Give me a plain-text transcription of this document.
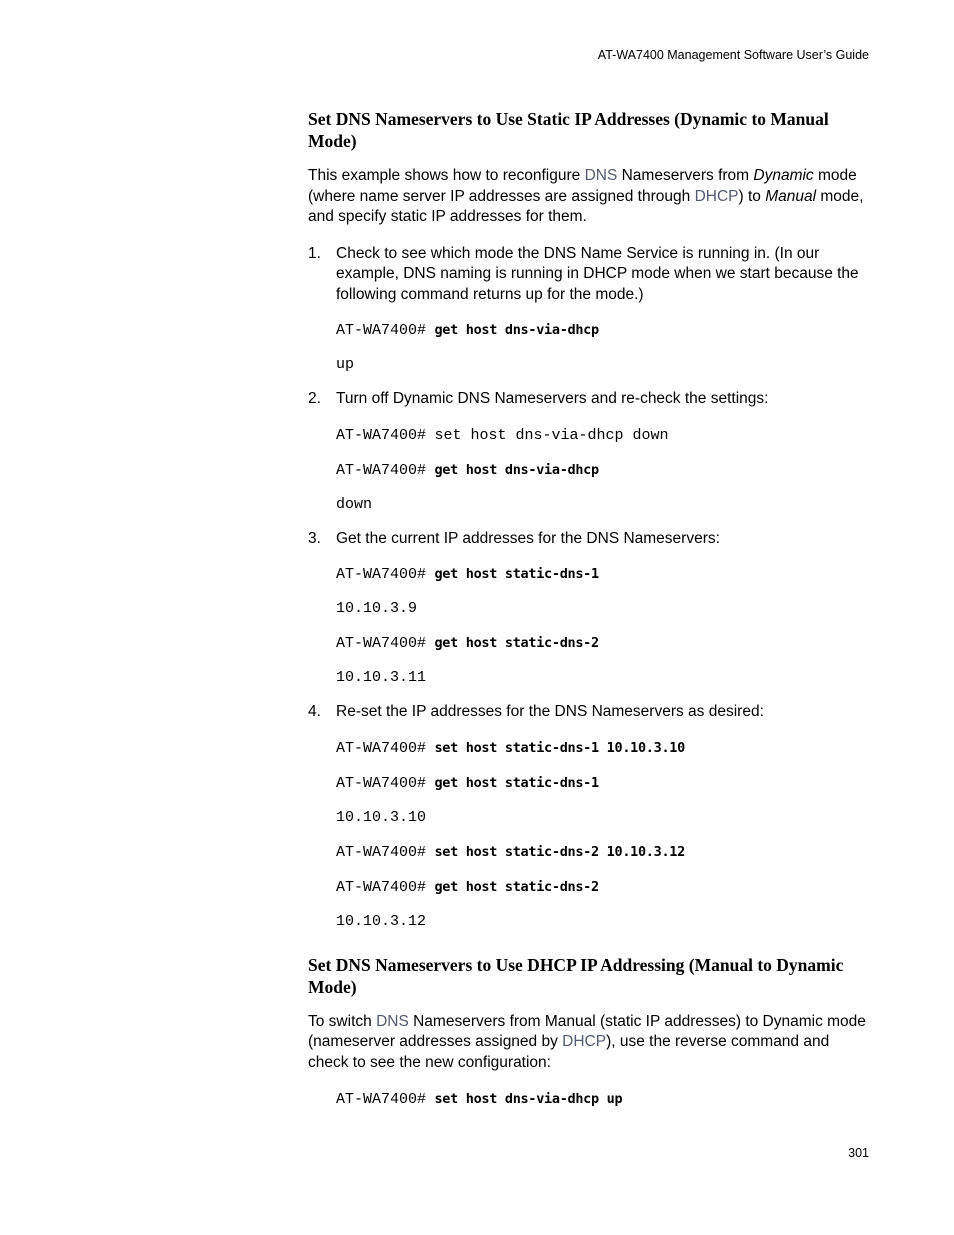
AT-WA7400 Management Software User’s Guide
Set DNS Nameservers to Use Static IP Addresses (Dynamic to Manual Mode)

This example shows how to reconfigure DNS Nameservers from Dynamic mode (where name server IP addresses are assigned through DHCP) to Manual mode, and specify static IP addresses for them.

1. Check to see which mode the DNS Name Service is running in. (In our example, DNS naming is running in DHCP mode when we start because the following command returns up for the mode.)
AT-WA7400# get host dns-via-dhcp
up
2. Turn off Dynamic DNS Nameservers and re-check the settings:
AT-WA7400# set host dns-via-dhcp down
AT-WA7400# get host dns-via-dhcp
down
3. Get the current IP addresses for the DNS Nameservers:
AT-WA7400# get host static-dns-1
10.10.3.9
AT-WA7400# get host static-dns-2
10.10.3.11
4. Re-set the IP addresses for the DNS Nameservers as desired:
AT-WA7400# set host static-dns-1 10.10.3.10
AT-WA7400# get host static-dns-1
10.10.3.10
AT-WA7400# set host static-dns-2 10.10.3.12
AT-WA7400# get host static-dns-2
10.10.3.12
Set DNS Nameservers to Use DHCP IP Addressing (Manual to Dynamic Mode)

To switch DNS Nameservers from Manual (static IP addresses) to Dynamic mode (nameserver addresses assigned by DHCP), use the reverse command and check to see the new configuration:

AT-WA7400# set host dns-via-dhcp up
301
